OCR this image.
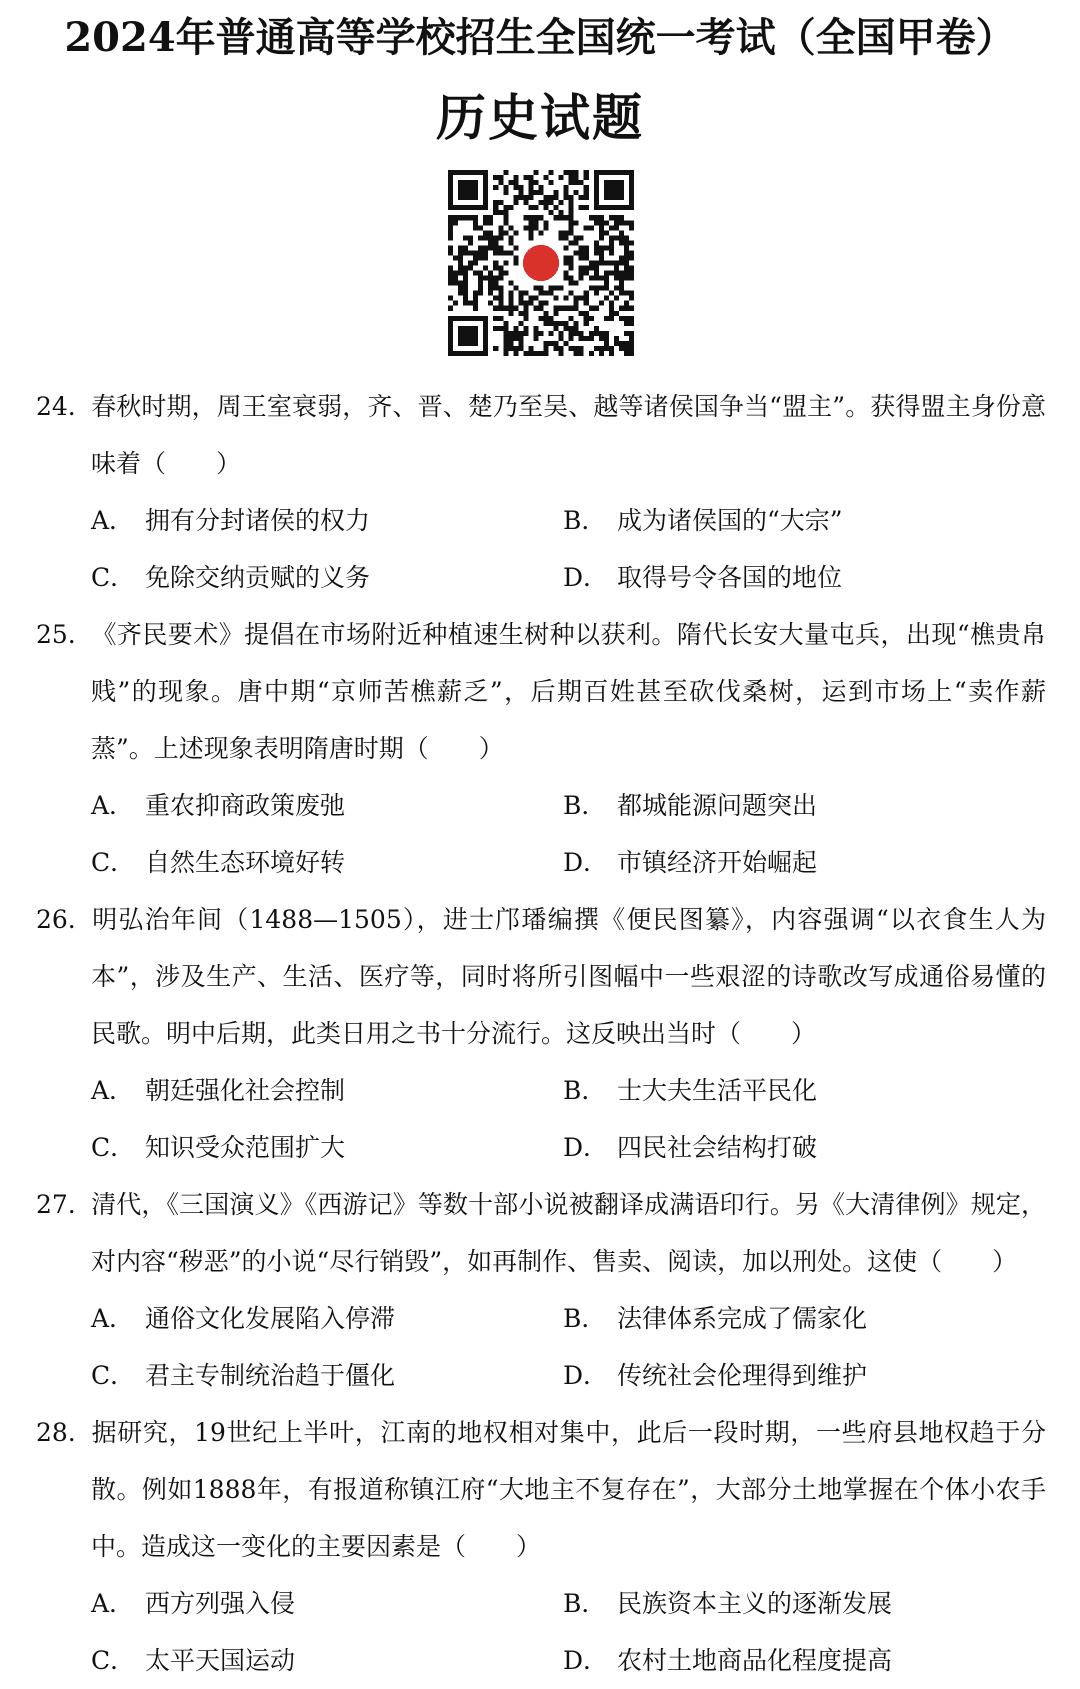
2024年普通高等学校招生全国统一考试（全国甲卷）
历史试题
24. 春秋时期，周王室衰弱，齐、晋、楚乃至吴、越等诸侯国争当“盟主”。获得盟主身份意味着（　　）
A． 拥有分封诸侯的权力	B． 成为诸侯国的“大宗”
C． 免除交纳贡赋的义务	D． 取得号令各国的地位
25. 《齐民要术》提倡在市场附近种植速生树种以获利。隋代长安大量屯兵，出现“樵贵帛贱”的现象。唐中期“京师苦樵薪乏”，后期百姓甚至砍伐桑树，运到市场上“卖作薪蒸”。上述现象表明隋唐时期（　　）
A． 重农抑商政策废弛	B． 都城能源问题突出
C． 自然生态环境好转	D． 市镇经济开始崛起
26. 明弘治年间（1488—1505），进士邝璠编撰《便民图纂》，内容强调“以衣食生人为本”，涉及生产、生活、医疗等，同时将所引图幅中一些艰涩的诗歌改写成通俗易懂的民歌。明中后期，此类日用之书十分流行。这反映出当时（　　）
A． 朝廷强化社会控制	B． 士大夫生活平民化
C． 知识受众范围扩大	D． 四民社会结构打破
27. 清代，《三国演义》《西游记》等数十部小说被翻译成满语印行。另《大清律例》规定，对内容“秽恶”的小说“尽行销毁”，如再制作、售卖、阅读，加以刑处。这使（　　）
A． 通俗文化发展陷入停滞	B． 法律体系完成了儒家化
C． 君主专制统治趋于僵化	D． 传统社会伦理得到维护
28. 据研究，19世纪上半叶，江南的地权相对集中，此后一段时期，一些府县地权趋于分散。例如1888年，有报道称镇江府“大地主不复存在”，大部分土地掌握在个体小农手中。造成这一变化的主要因素是（　　）
A． 西方列强入侵	B． 民族资本主义的逐渐发展
C． 太平天国运动	D． 农村土地商品化程度提高
